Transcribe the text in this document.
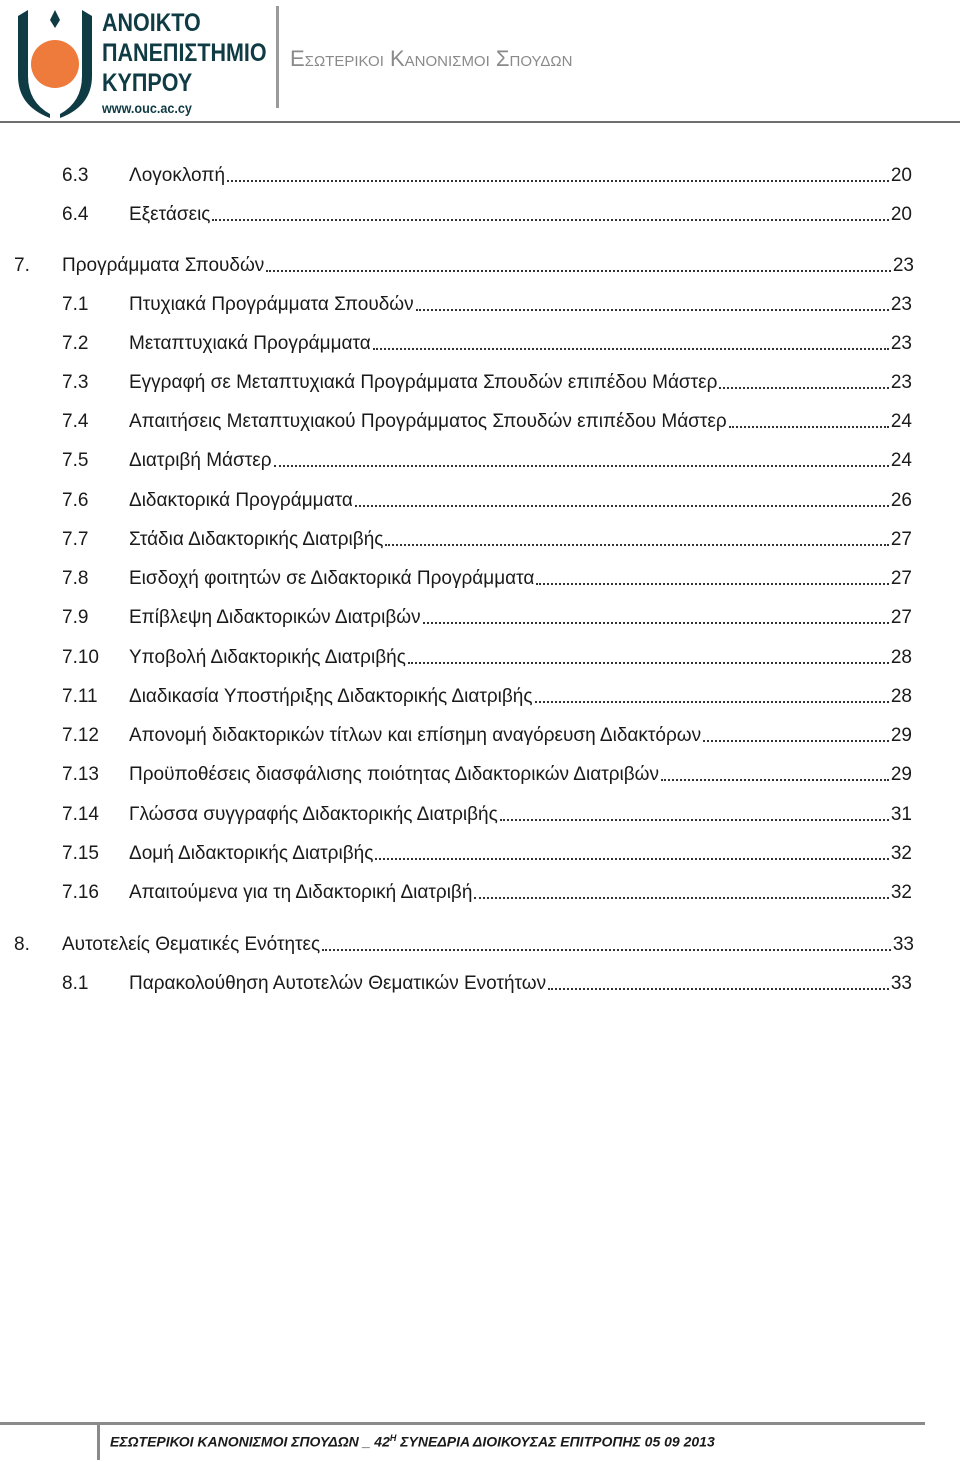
ΑΝΟΙΚΤΟ
ΠΑΝΕΠΙΣΤΗΜΙΟ
ΚΥΠΡΟΥ
www.ouc.ac.cy
Εσωτερικοι Κανονισμοι Σπουδων
6.3	Λογοκλοπή	20
6.4	Εξετάσεις	20
7.	Προγράμματα Σπουδών	23
7.1	Πτυχιακά Προγράμματα Σπουδών	23
7.2	Μεταπτυχιακά Προγράμματα	23
7.3	Εγγραφή σε Μεταπτυχιακά Προγράμματα Σπουδών επιπέδου Μάστερ	23
7.4	Απαιτήσεις Μεταπτυχιακού Προγράμματος Σπουδών επιπέδου Μάστερ	24
7.5	Διατριβή Μάστερ	24
7.6	Διδακτορικά Προγράμματα	26
7.7	Στάδια Διδακτορικής Διατριβής	27
7.8	Εισδοχή φοιτητών σε Διδακτορικά Προγράμματα	27
7.9	Επίβλεψη Διδακτορικών Διατριβών	27
7.10	Υποβολή Διδακτορικής Διατριβής	28
7.11	Διαδικασία Υποστήριξης Διδακτορικής Διατριβής	28
7.12	Απονομή διδακτορικών τίτλων και επίσημη αναγόρευση Διδακτόρων	29
7.13	Προϋποθέσεις διασφάλισης ποιότητας Διδακτορικών Διατριβών	29
7.14	Γλώσσα συγγραφής Διδακτορικής Διατριβής	31
7.15	Δομή Διδακτορικής Διατριβής	32
7.16	Απαιτούμενα για τη Διδακτορική Διατριβή	32
8.	Αυτοτελείς Θεματικές Ενότητες	33
8.1	Παρακολούθηση Αυτοτελών Θεματικών Ενοτήτων	33
ΕΣΩΤΕΡΙΚΟΙ ΚΑΝΟΝΙΣΜΟΙ ΣΠΟΥΔΩΝ _ $42^H$ ΣΥΝΕΔΡΙΑ ΔΙΟΙΚΟΥΣΑΣ ΕΠΙΤΡΟΠΗΣ 05 09 2013
